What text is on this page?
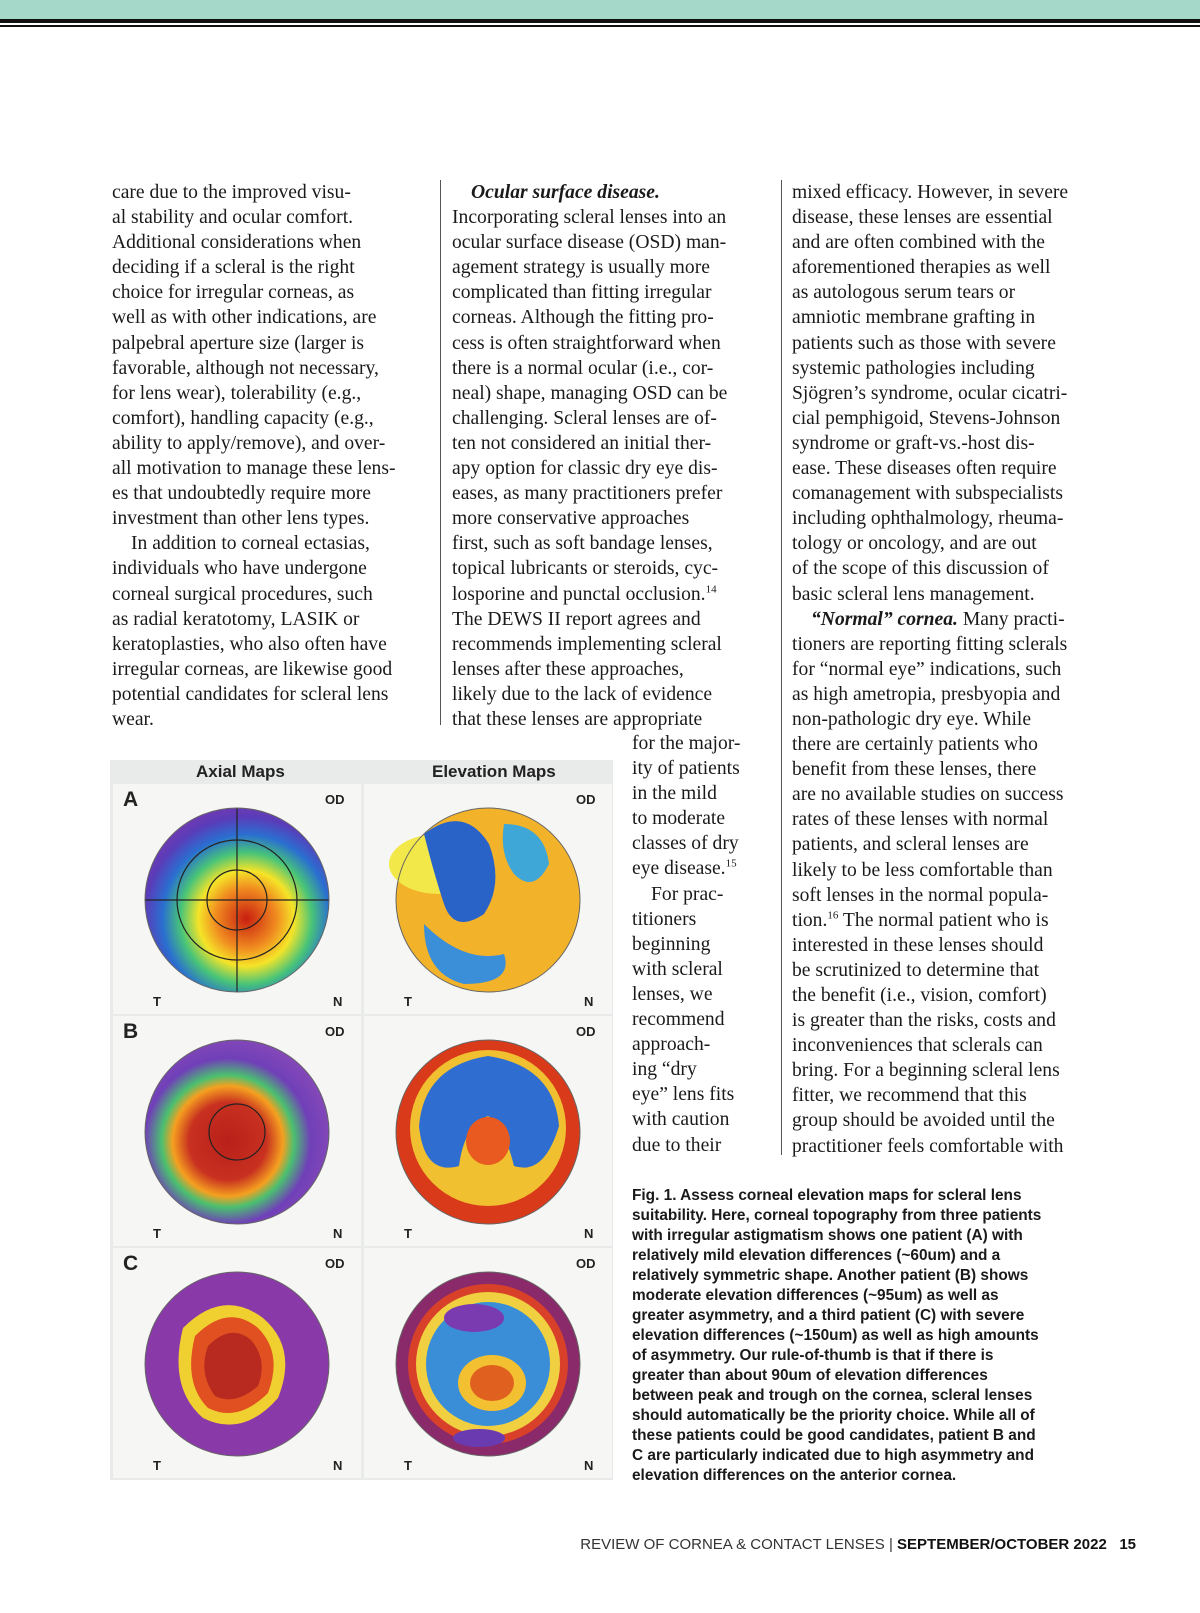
care due to the improved visu-

al stability and ocular comfort.

Additional considerations when

deciding if a scleral is the right

choice for irregular corneas, as

well as with other indications, are

palpebral aperture size (larger is

favorable, although not necessary,

for lens wear), tolerability (e.g.,

comfort), handling capacity (e.g.,

ability to apply/remove), and over-

all motivation to manage these lens-

es that undoubtedly require more

investment than other lens types.

In addition to corneal ectasias,

individuals who have undergone

corneal surgical procedures, such

as radial keratotomy, LASIK or

keratoplasties, who also often have

irregular corneas, are likewise good

potential candidates for scleral lens

wear.

Ocular surface disease.

Incorporating scleral lenses into an

ocular surface disease (OSD) man-

agement strategy is usually more

complicated than fitting irregular

corneas. Although the fitting pro-

cess is often straightforward when

there is a normal ocular (i.e., cor-

neal) shape, managing OSD can be

challenging. Scleral lenses are of-

ten not considered an initial ther-

apy option for classic dry eye dis-

eases, as many practitioners prefer

more conservative approaches

first, such as soft bandage lenses,

topical lubricants or steroids, cyc-

losporine and punctal occlusion.$^{14}$

The DEWS II report agrees and

recommends implementing scleral

lenses after these approaches,

likely due to the lack of evidence

that these lenses are appropriate

for the major-

ity of patients

in the mild

to moderate

classes of dry

eye disease.$^{15}$

For prac-

titioners

beginning

with scleral

lenses, we

recommend

approach-

ing “dry

eye” lens fits

with caution

due to their

mixed efficacy. However, in severe

disease, these lenses are essential

and are often combined with the

aforementioned therapies as well

as autologous serum tears or

amniotic membrane grafting in

patients such as those with severe

systemic pathologies including

Sjögren’s syndrome, ocular cicatri-

cial pemphigoid, Stevens-Johnson

syndrome or graft-vs.-host dis-

ease. These diseases often require

comanagement with subspecialists

including ophthalmology, rheuma-

tology or oncology, and are out

of the scope of this discussion of

basic scleral lens management.

“Normal” cornea. Many practi-

tioners are reporting fitting sclerals

for “normal eye” indications, such

as high ametropia, presbyopia and

non-pathologic dry eye. While

there are certainly patients who

benefit from these lenses, there

are no available studies on success

rates of these lenses with normal

patients, and scleral lenses are

likely to be less comfortable than

soft lenses in the normal popula-

tion.$^{16}$ The normal patient who is

interested in these lenses should

be scrutinized to determine that

the benefit (i.e., vision, comfort)

is greater than the risks, costs and

inconveniences that sclerals can

bring. For a beginning scleral lens

fitter, we recommend that this

group should be avoided until the

practitioner feels comfortable with

Axial Maps	Elevation Maps
A	OD
T	N
OD
T	N
B	OD
T	N
OD
T	N
C	OD
T	N
OD
T	N

Fig. 1. Assess corneal elevation maps for scleral lens

suitability. Here, corneal topography from three patients

with irregular astigmatism shows one patient (A) with

relatively mild elevation differences (~60um) and a

relatively symmetric shape. Another patient (B) shows

moderate elevation differences (~95um) as well as

greater asymmetry, and a third patient (C) with severe

elevation differences (~150um) as well as high amounts

of asymmetry. Our rule-of-thumb is that if there is

greater than about 90um of elevation differences

between peak and trough on the cornea, scleral lenses

should automatically be the priority choice. While all of

these patients could be good candidates, patient B and

C are particularly indicated due to high asymmetry and

elevation differences on the anterior cornea.

REVIEW OF CORNEA & CONTACT LENSES | SEPTEMBER/OCTOBER 2022 15
